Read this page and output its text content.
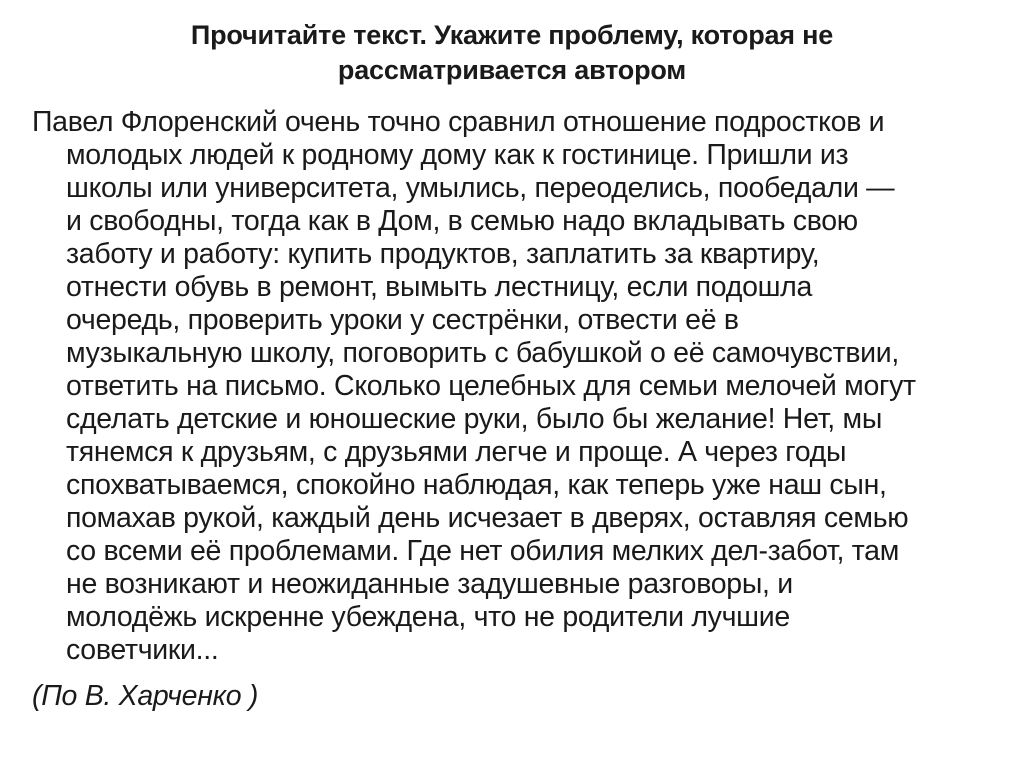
Прочитайте текст. Укажите проблему, которая не
рассматривается автором
Павел Флоренский очень точно сравнил отношение подростков и
молодых людей к родному дому как к гостинице. Пришли из
школы или университета, умылись, переоделись, пообедали —
и свободны, тогда как в Дом, в семью надо вкладывать свою
заботу и работу: купить продуктов, заплатить за квартиру,
отнести обувь в ремонт, вымыть лестницу, если подошла
очередь, проверить уроки у сестрёнки, отвести её в
музыкальную школу, поговорить с бабушкой о её самочувствии,
ответить на письмо. Сколько целебных для семьи мелочей могут
сделать детские и юношеские руки, было бы желание! Нет, мы
тянемся к друзьям, с друзьями легче и проще. А через годы
спохватываемся, спокойно наблюдая, как теперь уже наш сын,
помахав рукой, каждый день исчезает в дверях, оставляя семью
со всеми её проблемами. Где нет обилия мелких дел-забот, там
не возникают и неожиданные задушевные разговоры, и
молодёжь искренне убеждена, что не родители лучшие
советчики...
(По В. Харченко )
